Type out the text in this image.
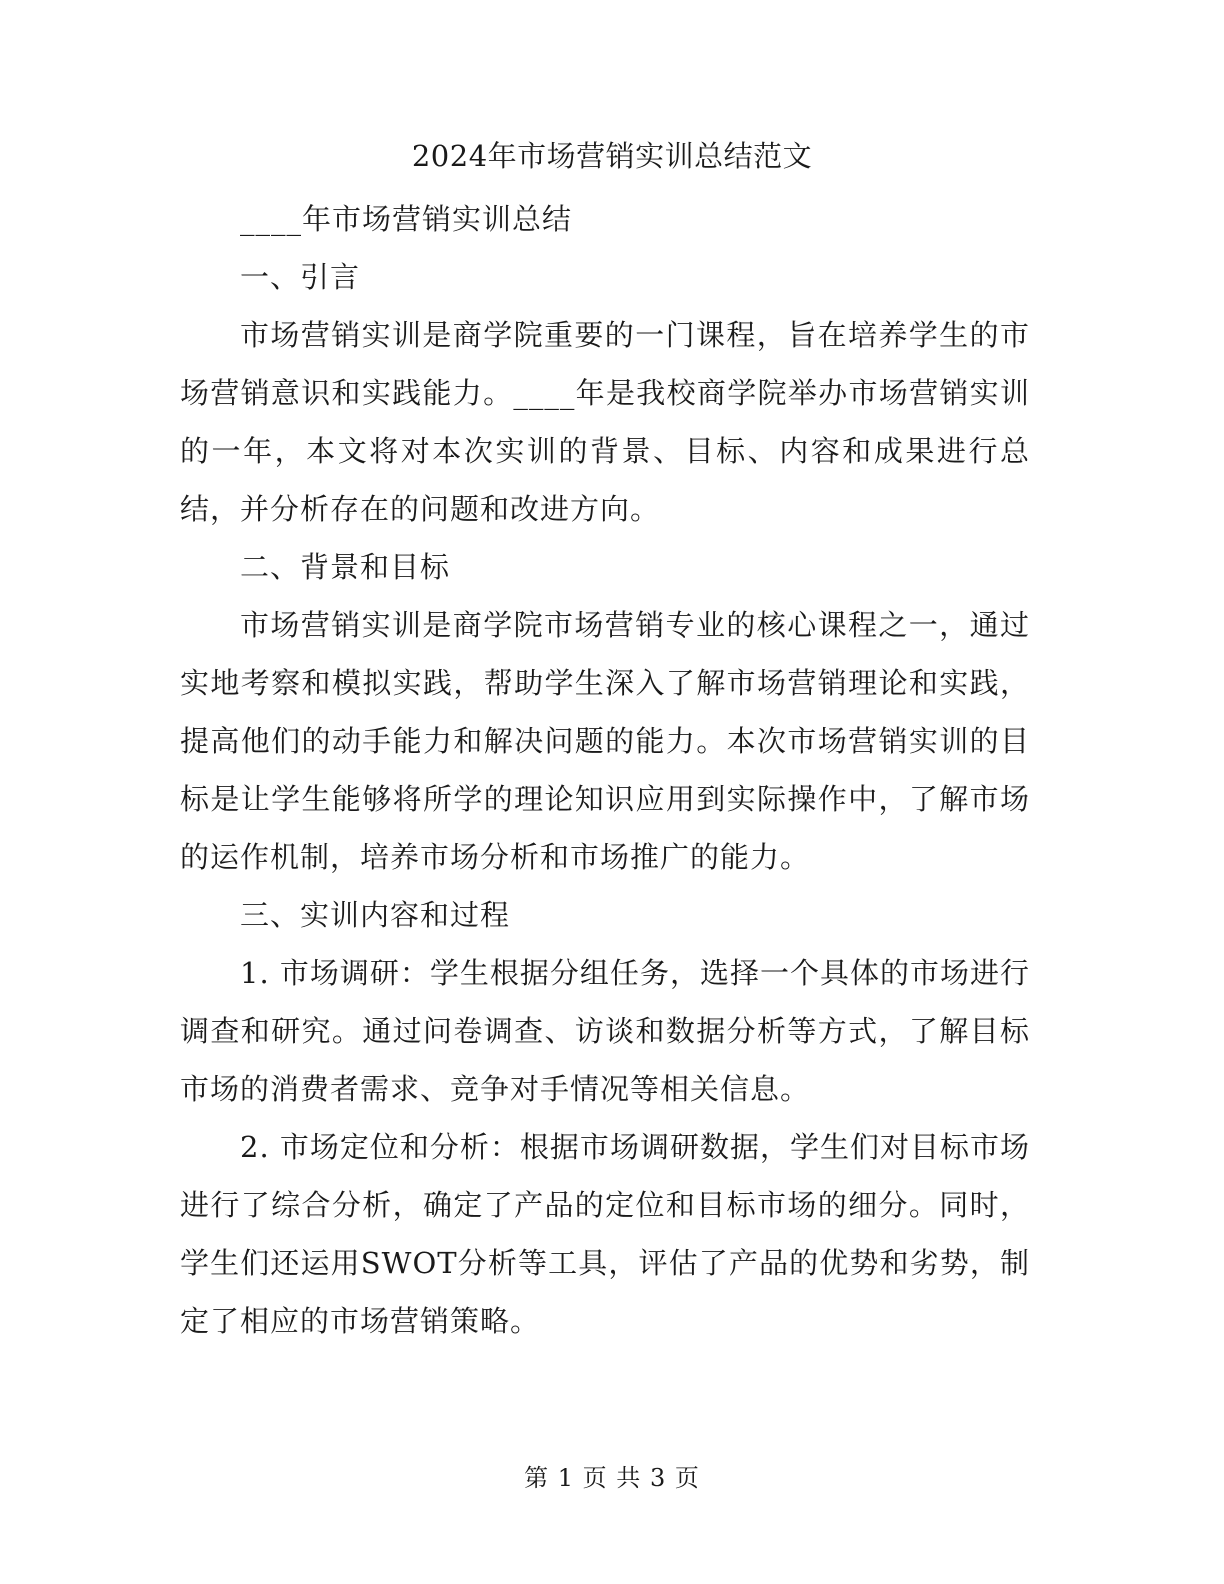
2024年市场营销实训总结范文

____年市场营销实训总结

一、引言

市场营销实训是商学院重要的一门课程，旨在培养学生的市场营销意识和实践能力。____年是我校商学院举办市场营销实训的一年，本文将对本次实训的背景、目标、内容和成果进行总结，并分析存在的问题和改进方向。

二、背景和目标

市场营销实训是商学院市场营销专业的核心课程之一，通过实地考察和模拟实践，帮助学生深入了解市场营销理论和实践，提高他们的动手能力和解决问题的能力。本次市场营销实训的目标是让学生能够将所学的理论知识应用到实际操作中，了解市场的运作机制，培养市场分析和市场推广的能力。

三、实训内容和过程

1. 市场调研：学生根据分组任务，选择一个具体的市场进行调查和研究。通过问卷调查、访谈和数据分析等方式，了解目标市场的消费者需求、竞争对手情况等相关信息。

2. 市场定位和分析：根据市场调研数据，学生们对目标市场进行了综合分析，确定了产品的定位和目标市场的细分。同时，学生们还运用SWOT分析等工具，评估了产品的优势和劣势，制定了相应的市场营销策略。

第 1 页 共 3 页
